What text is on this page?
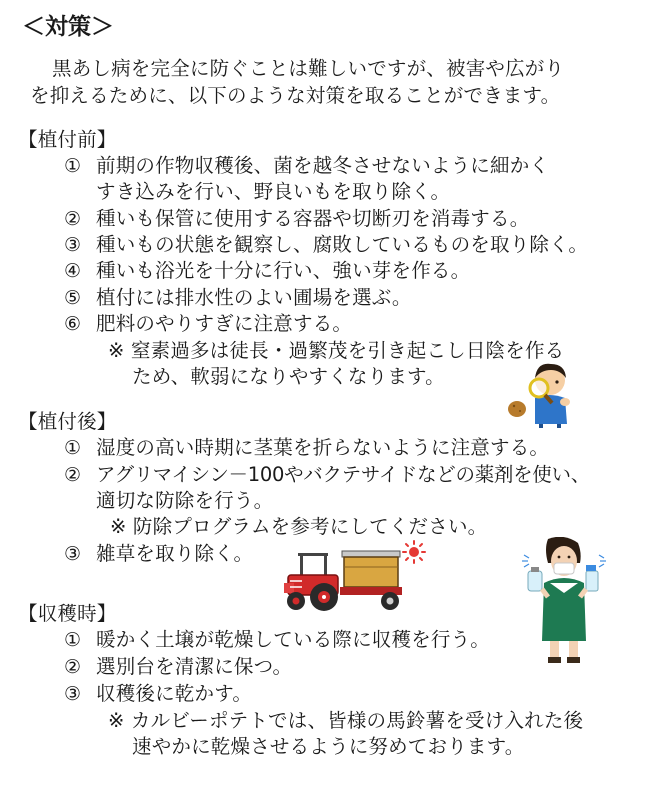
＜対策＞
黒あし病を完全に防ぐことは難しいですが、被害や広がり
を抑えるために、以下のような対策を取ることができます。
【植付前】
① 前期の作物収穫後、菌を越冬させないように細かく
すき込みを行い、野良いもを取り除く。
② 種いも保管に使用する容器や切断刃を消毒する。
③ 種いもの状態を観察し、腐敗しているものを取り除く。
④ 種いも浴光を十分に行い、強い芽を作る。
⑤ 植付には排水性のよい圃場を選ぶ。
⑥ 肥料のやりすぎに注意する。
※ 窒素過多は徒長・過繁茂を引き起こし日陰を作る
ため、軟弱になりやすくなります。
【植付後】
① 湿度の高い時期に茎葉を折らないように注意する。
② アグリマイシン－100やバクテサイドなどの薬剤を使い、
適切な防除を行う。
※ 防除プログラムを参考にしてください。
③ 雑草を取り除く。
【収穫時】
① 暖かく土壌が乾燥している際に収穫を行う。
② 選別台を清潔に保つ。
③ 収穫後に乾かす。
※ カルビーポテトでは、皆様の馬鈴薯を受け入れた後
速やかに乾燥させるように努めております。
